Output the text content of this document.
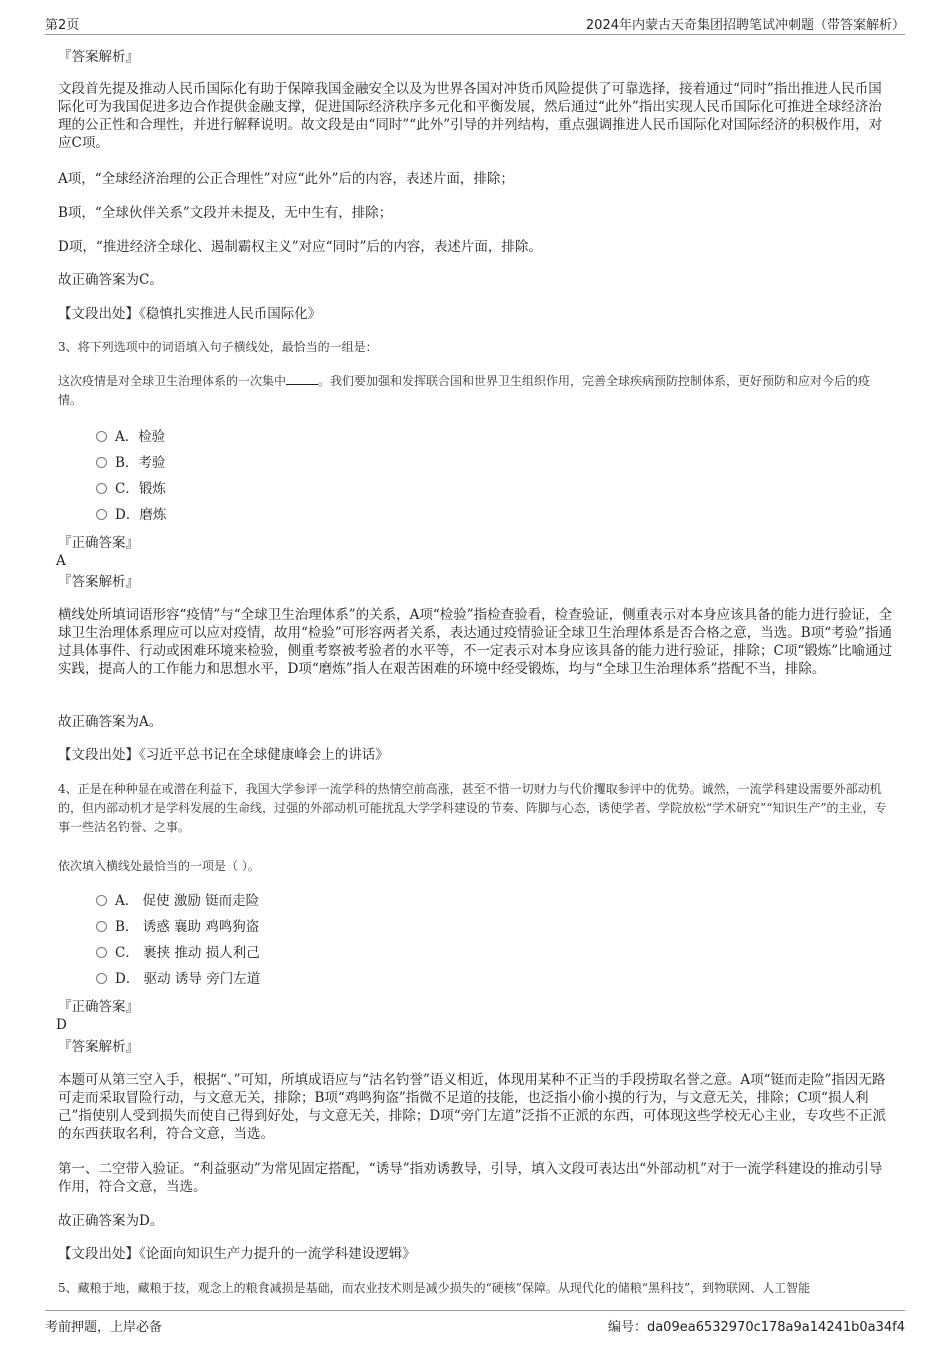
第2页	2024年内蒙古天奇集团招聘笔试冲刺题（带答案解析）
『答案解析』
文段首先提及推动人民币国际化有助于保障我国金融安全以及为世界各国对冲货币风险提供了可靠选择，接着通过“同时”指出推进人民币国际化可为我国促进多边合作提供金融支撑，促进国际经济秩序多元化和平衡发展，然后通过“此外”指出实现人民币国际化可推进全球经济治理的公正性和合理性，并进行解释说明。故文段是由“同时”“此外”引导的并列结构，重点强调推进人民币国际化对国际经济的积极作用，对应C项。
A项，“全球经济治理的公正合理性”对应“此外”后的内容，表述片面，排除；
B项，“全球伙伴关系”文段并未提及，无中生有，排除；
D项，“推进经济全球化、遏制霸权主义”对应“同时”后的内容，表述片面，排除。
故正确答案为C。
【文段出处】《稳慎扎实推进人民币国际化》
3、将下列选项中的词语填入句子横线处，最恰当的一组是：
这次疫情是对全球卫生治理体系的一次集中	。我们要加强和发挥联合国和世界卫生组织作用，完善全球疾病预防控制体系，更好预防和应对今后的疫情。
A．检验
B．考验
C．锻炼
D．磨炼
『正确答案』
A
『答案解析』
横线处所填词语形容“疫情”与“全球卫生治理体系”的关系，A项“检验”指检查验看，检查验证，侧重表示对本身应该具备的能力进行验证，全球卫生治理体系理应可以应对疫情，故用“检验”可形容两者关系，表达通过疫情验证全球卫生治理体系是否合格之意，当选。B项“考验”指通过具体事件、行动或困难环境来检验，侧重考察被考验者的水平等，不一定表示对本身应该具备的能力进行验证，排除；C项“锻炼”比喻通过实践，提高人的工作能力和思想水平，D项“磨炼”指人在艰苦困难的环境中经受锻炼，均与“全球卫生治理体系”搭配不当，排除。
故正确答案为A。
【文段出处】《习近平总书记在全球健康峰会上的讲话》
4、正是在种种显在或潜在利益下，我国大学参评一流学科的热情空前高涨，甚至不惜一切财力与代价攫取参评中的优势。诚然，一流学科建设需要外部动机的，但内部动机才是学科发展的生命线，过强的外部动机可能扰乱大学学科建设的节奏、阵脚与心态，诱使学者、学院放松“学术研究”“知识生产”的主业，专事一些沽名钓誉、之事。
依次填入横线处最恰当的一项是（ ）。
A． 促使 激励 铤而走险
B． 诱惑 襄助 鸡鸣狗盗
C． 裹挟 推动 损人利己
D． 驱动 诱导 旁门左道
『正确答案』
D
『答案解析』
本题可从第三空入手，根据“、”可知，所填成语应与“沽名钓誉”语义相近，体现用某种不正当的手段捞取名誉之意。A项“铤而走险”指因无路可走而采取冒险行动，与文意无关，排除；B项“鸡鸣狗盗”指微不足道的技能，也泛指小偷小摸的行为，与文意无关，排除；C项“损人利己”指使别人受到损失而使自己得到好处，与文意无关，排除；D项“旁门左道”泛指不正派的东西，可体现这些学校无心主业，专攻些不正派的东西获取名利，符合文意，当选。
第一、二空带入验证。“利益驱动”为常见固定搭配，“诱导”指劝诱教导，引导，填入文段可表达出“外部动机”对于一流学科建设的推动引导作用，符合文意，当选。
故正确答案为D。
【文段出处】《论面向知识生产力提升的一流学科建设逻辑》
5、藏粮于地，藏粮于技，观念上的粮食减损是基础，而农业技术则是减少损失的“硬核”保障。从现代化的储粮“黑科技”，到物联网、人工智能
考前押题，上岸必备	编号：da09ea6532970c178a9a14241b0a34f4
